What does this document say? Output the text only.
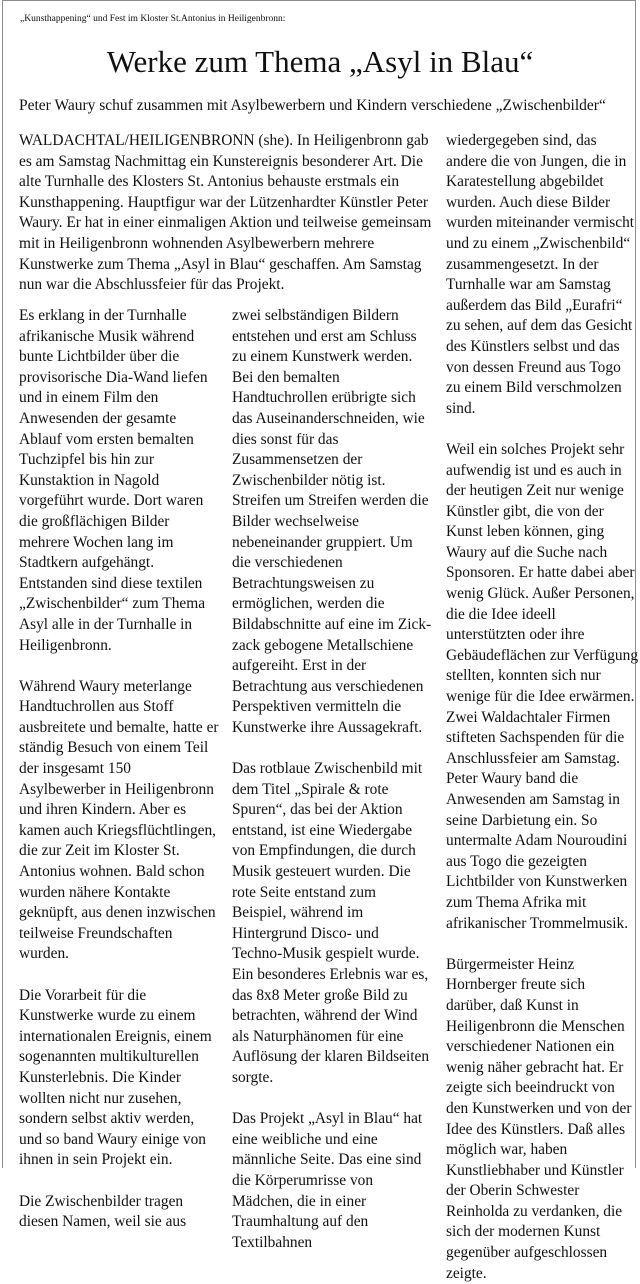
„Kunsthappening“ und Fest im Kloster St.Antonius in Heiligenbronn:
Werke zum Thema „Asyl in Blau“

Peter Waury schuf zusammen mit Asylbewerbern und Kindern verschiedene „Zwischenbilder“

WALDACHTAL/HEILIGENBRONN (she). In Heiligenbronn gab es am Samstag Nachmittag ein Kunstereignis besonderer Art. Die alte Turnhalle des Klosters St. Antonius behauste erstmals ein Kunsthappening. Hauptfigur war der Lützenhardter Künstler Peter Waury. Er hat in einer einmaligen Aktion und teilweise gemeinsam mit in Heiligenbronn wohnenden Asylbewerbern mehrere Kunstwerke zum Thema „Asyl in Blau“ geschaffen. Am Samstag nun war die Abschlussfeier für das Projekt.

Es erklang in der Turnhalle afrikanische Musik während bunte Lichtbilder über die provisorische Dia-Wand liefen und in einem Film den Anwesenden der gesamte Ablauf vom ersten bemalten Tuchzipfel bis hin zur Kunstaktion in Nagold vorgeführt wurde. Dort waren die großflächigen Bilder mehrere Wochen lang im Stadtkern aufgehängt. Entstanden sind diese textilen „Zwischenbilder“ zum Thema Asyl alle in der Turnhalle in Heiligenbronn.

Während Waury meterlange Handtuchrollen aus Stoff ausbreitete und bemalte, hatte er ständig Besuch von einem Teil der insgesamt 150 Asylbewerber in Heiligenbronn und ihren Kindern. Aber es kamen auch Kriegsflüchtlingen, die zur Zeit im Kloster St. Antonius wohnen. Bald schon wurden nähere Kontakte geknüpft, aus denen inzwischen teilweise Freundschaften wurden.

Die Vorarbeit für die Kunstwerke wurde zu einem internationalen Ereignis, einem sogenannten multikulturellen Kunsterlebnis. Die Kinder wollten nicht nur zusehen, sondern selbst aktiv werden, und so band Waury einige von ihnen in sein Projekt ein.

Die Zwischenbilder tragen diesen Namen, weil sie aus

zwei selbständigen Bildern entstehen und erst am Schluss zu einem Kunstwerk werden. Bei den bemalten Handtuchrollen erübrigte sich das Auseinanderschneiden, wie dies sonst für das Zusammensetzen der Zwischenbilder nötig ist. Streifen um Streifen werden die Bilder wechselweise nebeneinander gruppiert. Um die verschiedenen Betrachtungsweisen zu ermöglichen, werden die Bildabschnitte auf eine im Zick-zack gebogene Metallschiene aufgereiht. Erst in der Betrachtung aus verschiedenen Perspektiven vermitteln die Kunstwerke ihre Aussagekraft.

Das rotblaue Zwischenbild mit dem Titel „Spirale & rote Spuren“, das bei der Aktion entstand, ist eine Wiedergabe von Empfindungen, die durch Musik gesteuert wurden. Die rote Seite entstand zum Beispiel, während im Hintergrund Disco- und Techno-Musik gespielt wurde. Ein besonderes Erlebnis war es, das 8x8 Meter große Bild zu betrachten, während der Wind als Naturphänomen für eine Auflösung der klaren Bildseiten sorgte.

Das Projekt „Asyl in Blau“ hat eine weibliche und eine männliche Seite. Das eine sind die Körperumrisse von Mädchen, die in einer Traumhaltung auf den Textilbahnen

wiedergegeben sind, das andere die von Jungen, die in Karatestellung abgebildet wurden. Auch diese Bilder wurden miteinander vermischt und zu einem „Zwischenbild“ zusammengesetzt. In der Turnhalle war am Samstag außerdem das Bild „Eurafri“ zu sehen, auf dem das Gesicht des Künstlers selbst und das von dessen Freund aus Togo zu einem Bild verschmolzen sind.

Weil ein solches Projekt sehr aufwendig ist und es auch in der heutigen Zeit nur wenige Künstler gibt, die von der Kunst leben können, ging Waury auf die Suche nach Sponsoren. Er hatte dabei aber wenig Glück. Außer Personen, die die Idee ideell unterstützten oder ihre Gebäudeflächen zur Verfügung stellten, konnten sich nur wenige für die Idee erwärmen. Zwei Waldachtaler Firmen stifteten Sachspenden für die Anschlussfeier am Samstag. Peter Waury band die Anwesenden am Samstag in seine Darbietung ein. So untermalte Adam Nouroudini aus Togo die gezeigten Lichtbilder von Kunstwerken zum Thema Afrika mit afrikanischer Trommelmusik.

Bürgermeister Heinz Hornberger freute sich darüber, daß Kunst in Heiligenbronn die Menschen verschiedener Nationen ein wenig näher gebracht hat. Er zeigte sich beeindruckt von den Kunstwerken und von der Idee des Künstlers. Daß alles möglich war, haben Kunstliebhaber und Künstler der Oberin Schwester Reinholda zu verdanken, die sich der modernen Kunst gegenüber aufgeschlossen zeigte.
